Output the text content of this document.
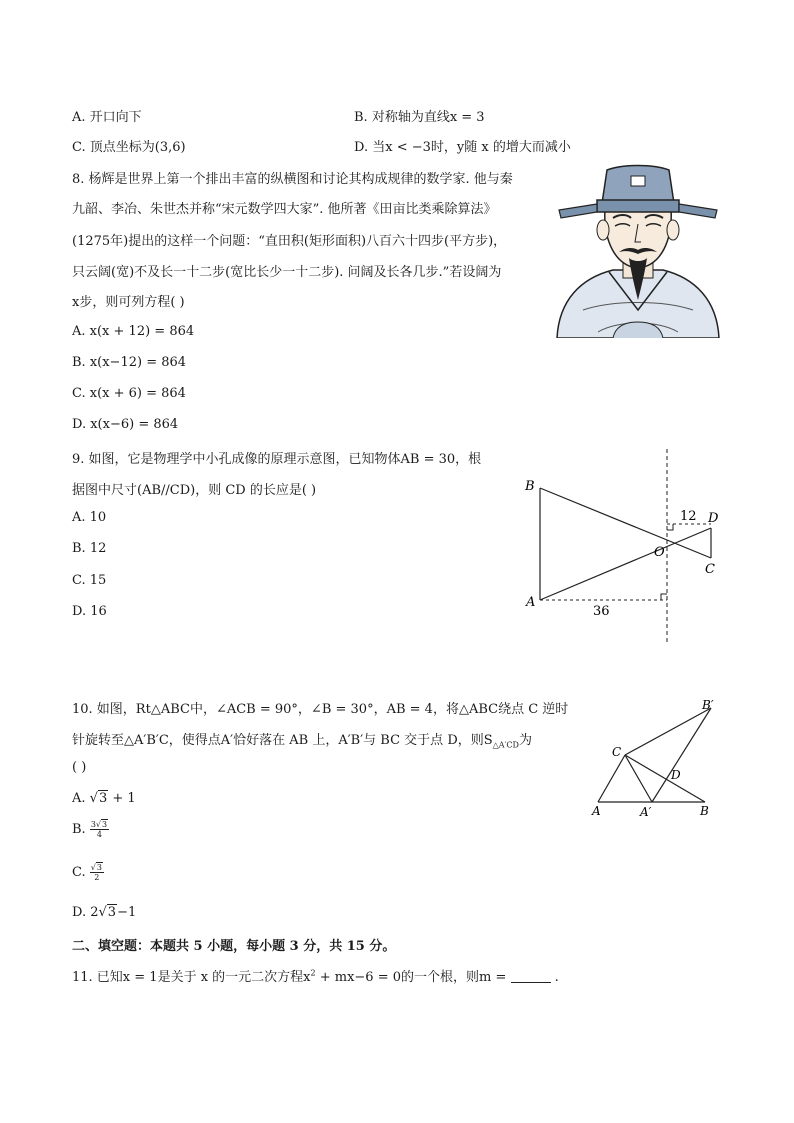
A. 开口向下	B. 对称轴为直线x = 3
C. 顶点坐标为(3,6)	D. 当x < −3时，y随 x 的增大而减小
8. 杨辉是世界上第一个排出丰富的纵横图和讨论其构成规律的数学家. 他与秦
九韶、李冶、朱世杰并称“宋元数学四大家”. 他所著《田亩比类乘除算法》
(1275年)提出的这样一个问题：“直田积(矩形面积)八百六十四步(平方步)，
只云阔(宽)不及长一十二步(宽比长少一十二步). 问阔及长各几步.”若设阔为
x步，则可列方程( )
A. x(x + 12) = 864
B. x(x−12) = 864
C. x(x + 6) = 864
D. x(x−6) = 864
9. 如图，它是物理学中小孔成像的原理示意图，已知物体AB = 30，根
据图中尺寸(AB//CD)，则 CD 的长应是( )
A. 10
B. 12
C. 15
D. 16
B
A
O
D
C
36
12
10. 如图，Rt△ABC中，∠ACB = 90°，∠B = 30°，AB = 4，将△ABC绕点 C 逆时
针旋转至△A′B′C，使得点A′恰好落在 AB 上，A′B′与 BC 交于点 D，则$S_{\triangle A'CD}$为
( )
A. √3 + 1
B. $\frac{3√3}{4}$
C. $\frac{√3}{2}$
D. 2√3−1
B′
C
D
A	A′	B
二、填空题：本题共 5 小题，每小题 3 分，共 15 分。
11. 已知x = 1是关于 x 的一元二次方程$x^2 + mx-6 = 0$的一个根，则m =	.
